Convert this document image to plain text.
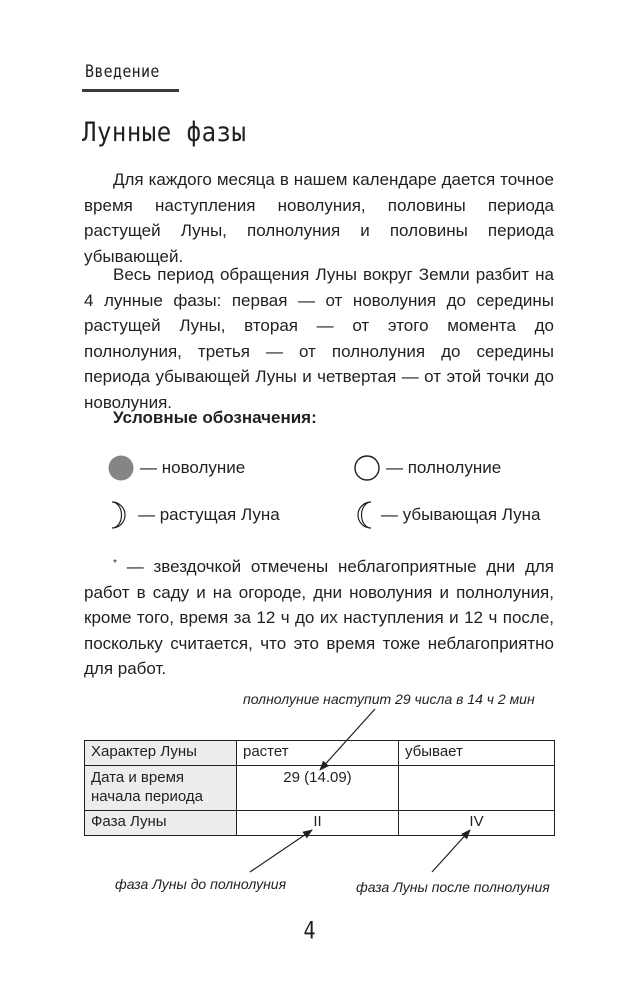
Введение
Лунные фазы
Для каждого месяца в нашем календаре дается точное время наступления новолуния, половины периода растущей Луны, полнолуния и половины периода убывающей.
Весь период обращения Луны вокруг Земли разбит на 4 лунные фазы: первая — от новолуния до середины растущей Луны, вторая — от этого момента до полнолуния, третья — от полнолуния до середины периода убывающей Луны и четвертая — от этой точки до новолуния.
Условные обозначения:
— новолуние	— полнолуние
— растущая Луна	— убывающая Луна
* — звездочкой отмечены неблагоприятные дни для работ в саду и на огороде, дни новолуния и полнолуния, кроме того, время за 12 ч до их наступления и 12 ч после, поскольку считается, что это время тоже неблагоприятно для работ.
полнолуние наступит 29 числа в 14 ч 2 мин
Характер Луны	растет	убывает
Дата и время начала периода	29 (14.09)	
Фаза Луны	II	IV
фаза Луны до полнолуния	фаза Луны после полнолуния
4
